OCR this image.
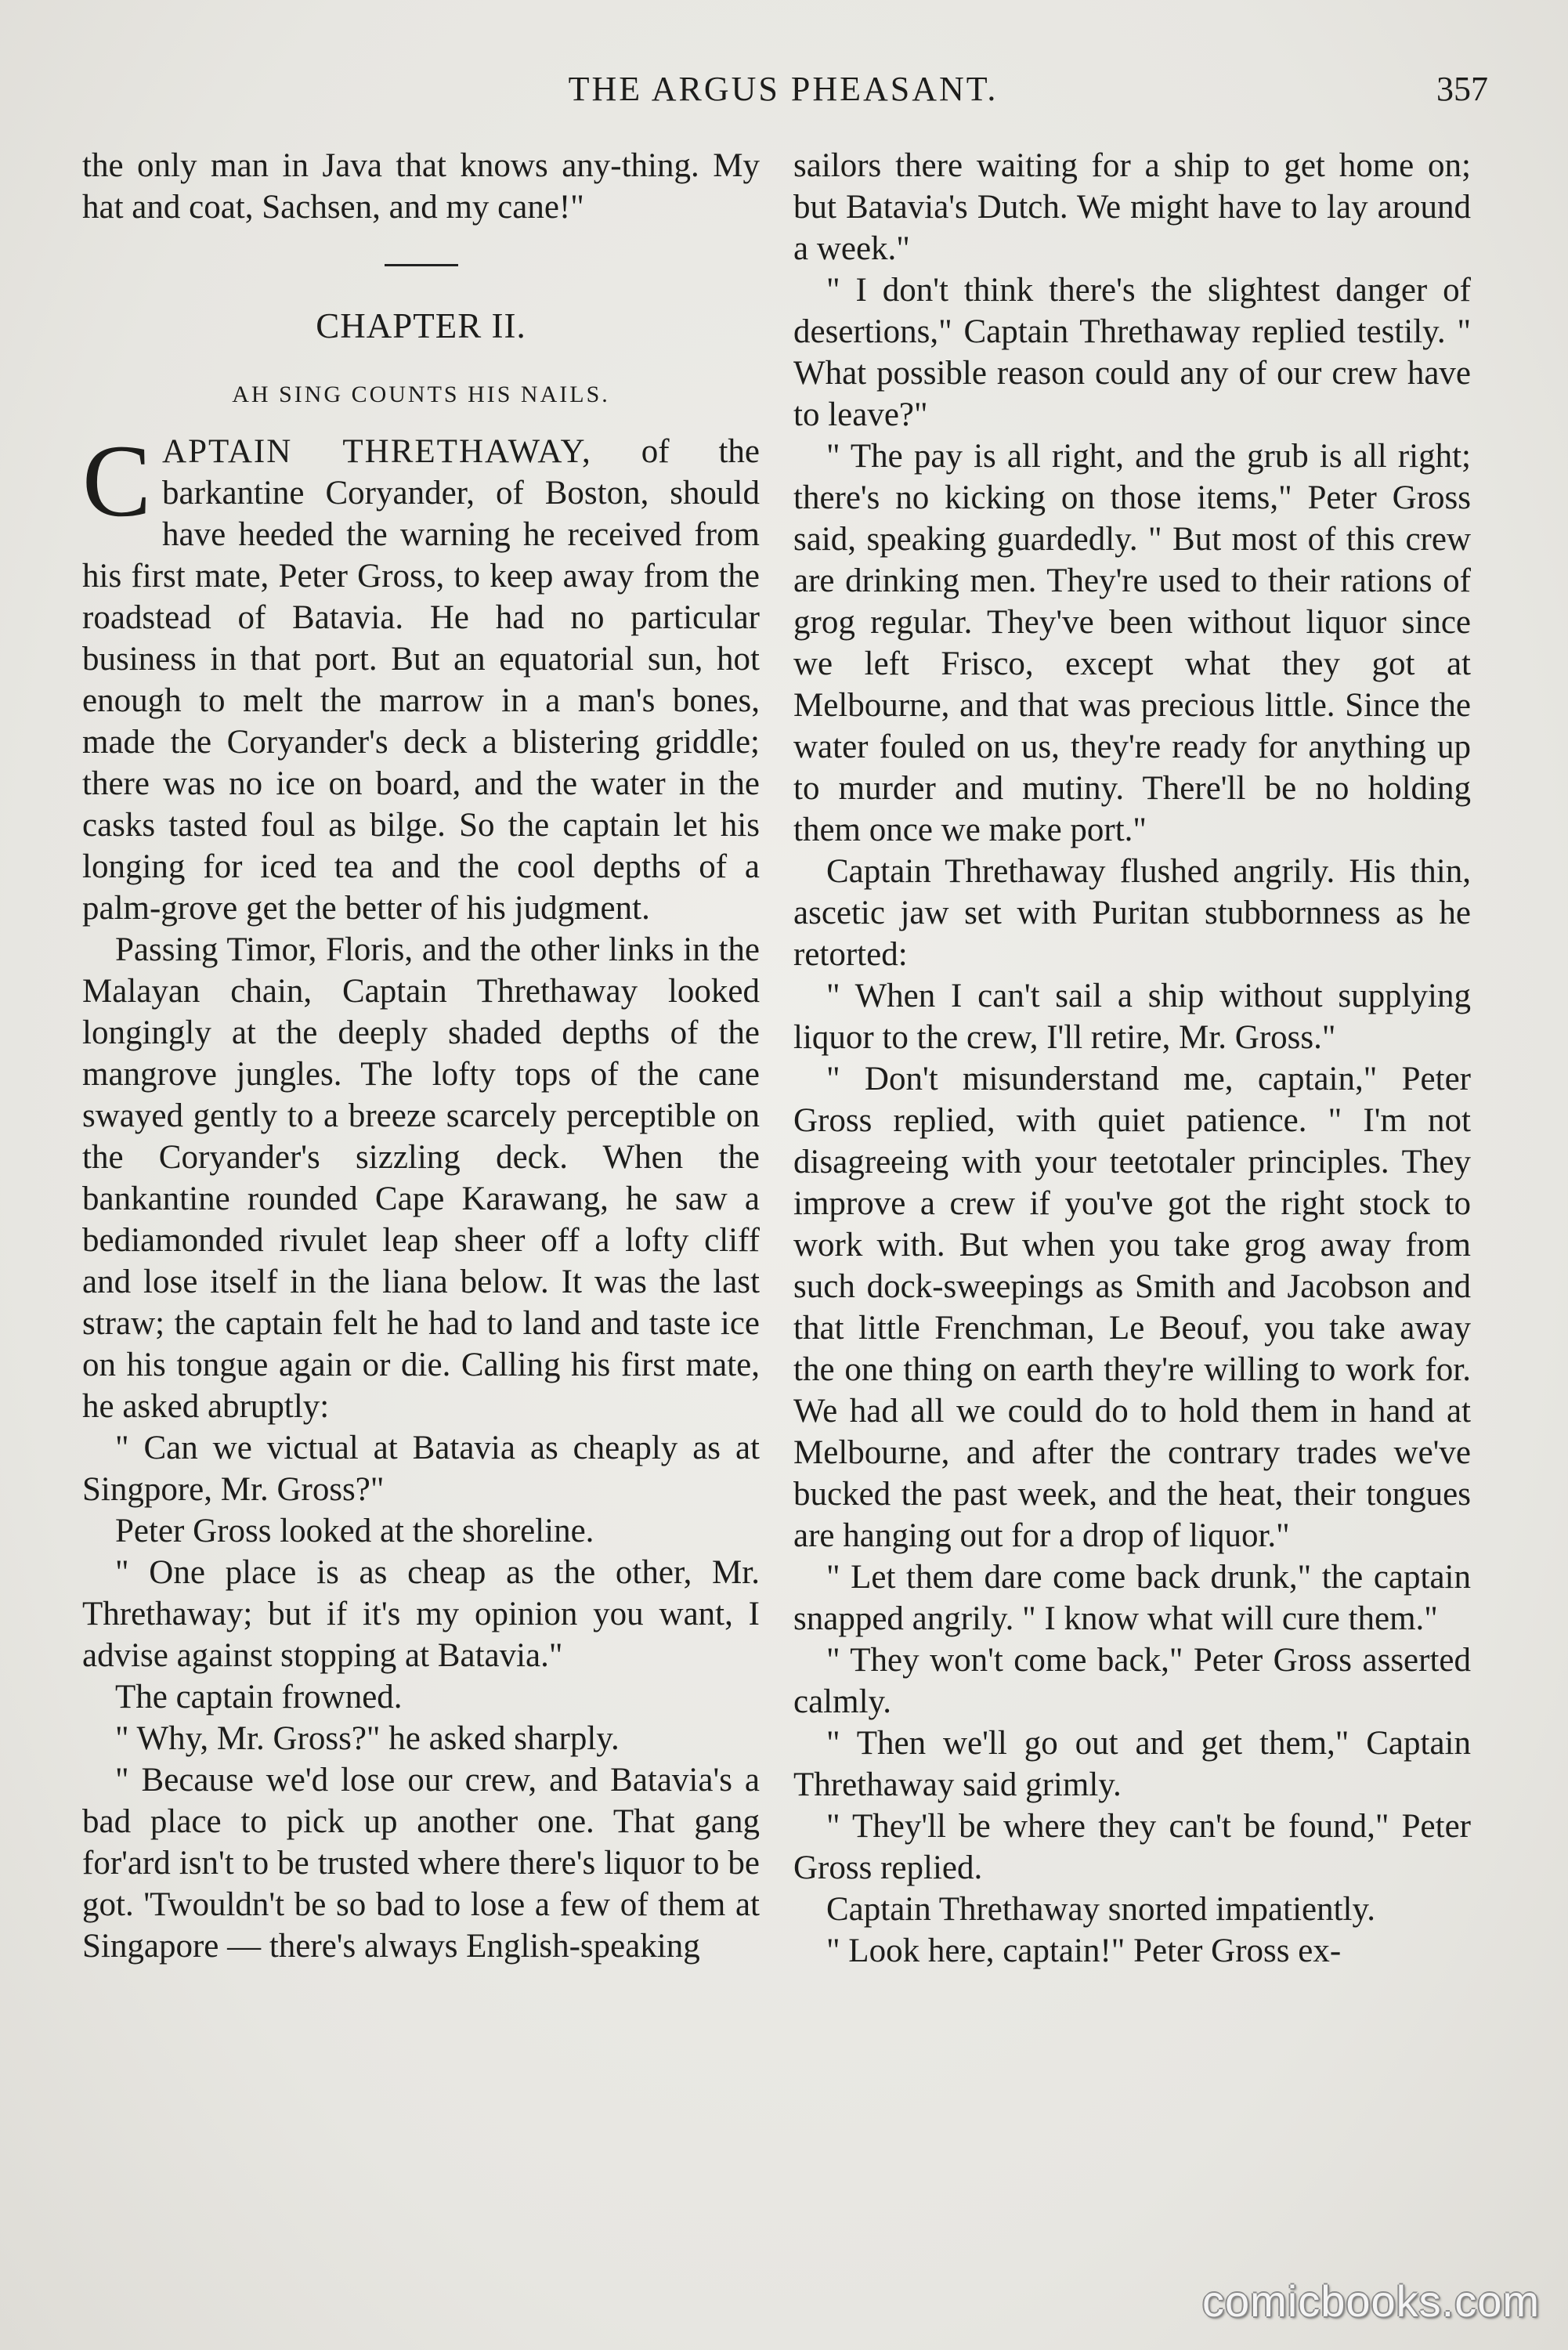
THE ARGUS PHEASANT.	357

the only man in Java that knows any-thing. My hat and coat, Sachsen, and my cane!"

CHAPTER II.
AH SING COUNTS HIS NAILS.

CAPTAIN THRETHAWAY, of the barkantine Coryander, of Boston, should have heeded the warning he received from his first mate, Peter Gross, to keep away from the roadstead of Batavia. He had no particular business in that port. But an equatorial sun, hot enough to melt the marrow in a man's bones, made the Coryander's deck a blistering griddle; there was no ice on board, and the water in the casks tasted foul as bilge. So the captain let his longing for iced tea and the cool depths of a palm-grove get the better of his judgment.

Passing Timor, Floris, and the other links in the Malayan chain, Captain Threthaway looked longingly at the deeply shaded depths of the mangrove jungles. The lofty tops of the cane swayed gently to a breeze scarcely perceptible on the Coryander's sizzling deck. When the bankantine rounded Cape Karawang, he saw a bediamonded rivulet leap sheer off a lofty cliff and lose itself in the liana below. It was the last straw; the captain felt he had to land and taste ice on his tongue again or die. Calling his first mate, he asked abruptly:

" Can we victual at Batavia as cheaply as at Singpore, Mr. Gross?"

Peter Gross looked at the shoreline.

" One place is as cheap as the other, Mr. Threthaway; but if it's my opinion you want, I advise against stopping at Batavia."

The captain frowned.

" Why, Mr. Gross?" he asked sharply.

" Because we'd lose our crew, and Batavia's a bad place to pick up another one. That gang for'ard isn't to be trusted where there's liquor to be got. 'Twouldn't be so bad to lose a few of them at Singapore — there's always English-speaking

sailors there waiting for a ship to get home on; but Batavia's Dutch. We might have to lay around a week."

" I don't think there's the slightest danger of desertions," Captain Threthaway replied testily. " What possible reason could any of our crew have to leave?"

" The pay is all right, and the grub is all right; there's no kicking on those items," Peter Gross said, speaking guardedly. " But most of this crew are drinking men. They're used to their rations of grog regular. They've been without liquor since we left Frisco, except what they got at Melbourne, and that was precious little. Since the water fouled on us, they're ready for anything up to murder and mutiny. There'll be no holding them once we make port."

Captain Threthaway flushed angrily. His thin, ascetic jaw set with Puritan stubbornness as he retorted:

" When I can't sail a ship without supplying liquor to the crew, I'll retire, Mr. Gross."

" Don't misunderstand me, captain," Peter Gross replied, with quiet patience. " I'm not disagreeing with your teetotaler principles. They improve a crew if you've got the right stock to work with. But when you take grog away from such dock-sweepings as Smith and Jacobson and that little Frenchman, Le Beouf, you take away the one thing on earth they're willing to work for. We had all we could do to hold them in hand at Melbourne, and after the contrary trades we've bucked the past week, and the heat, their tongues are hanging out for a drop of liquor."

" Let them dare come back drunk," the captain snapped angrily. " I know what will cure them."

" They won't come back," Peter Gross asserted calmly.

" Then we'll go out and get them," Captain Threthaway said grimly.

" They'll be where they can't be found," Peter Gross replied.

Captain Threthaway snorted impatiently.

" Look here, captain!" Peter Gross ex-

comicbooks.com
